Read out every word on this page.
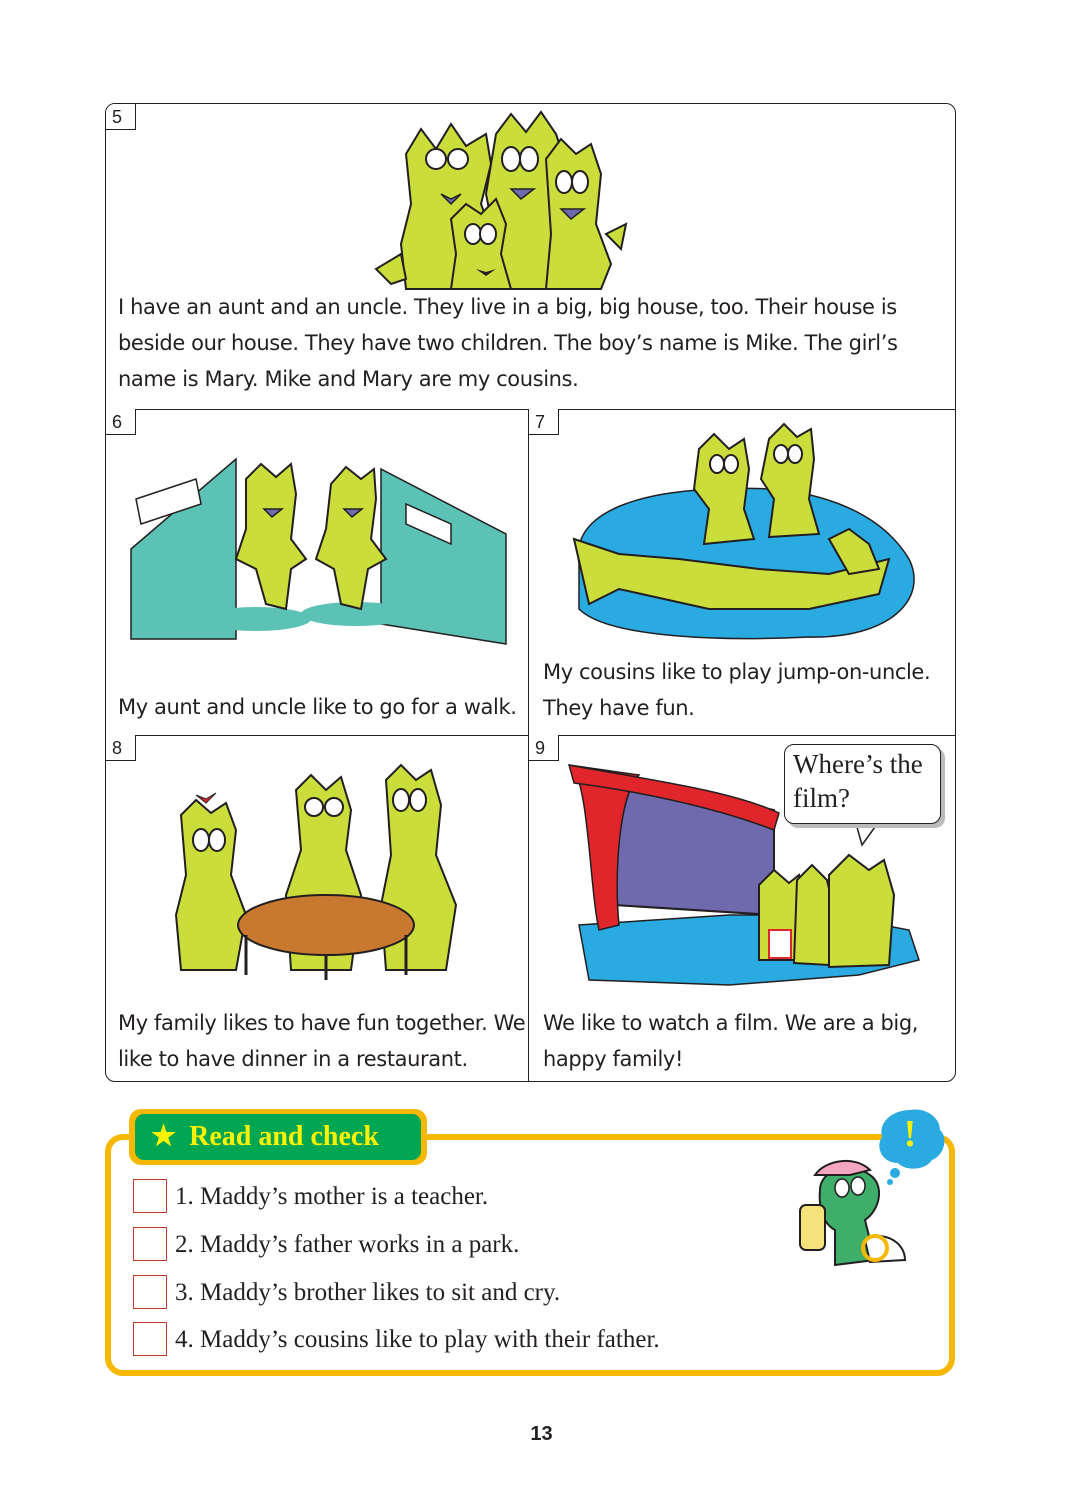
5
I have an aunt and an uncle. They live in a big, big house, too. Their house is
beside our house. They have two children. The boy’s name is Mike. The girl’s
name is Mary. Mike and Mary are my cousins.
6
My aunt and uncle like to go for a walk.
7
My cousins like to play jump-on-uncle.
They have fun.
8
My family likes to have fun together. We
like to have dinner in a restaurant.
9
We like to watch a film. We are a big,
happy family!
Where’s the
film?
★ Read and check
1. Maddy’s mother is a teacher.
2. Maddy’s father works in a park.
3. Maddy’s brother likes to sit and cry.
4. Maddy’s cousins like to play with their father.
!
13
